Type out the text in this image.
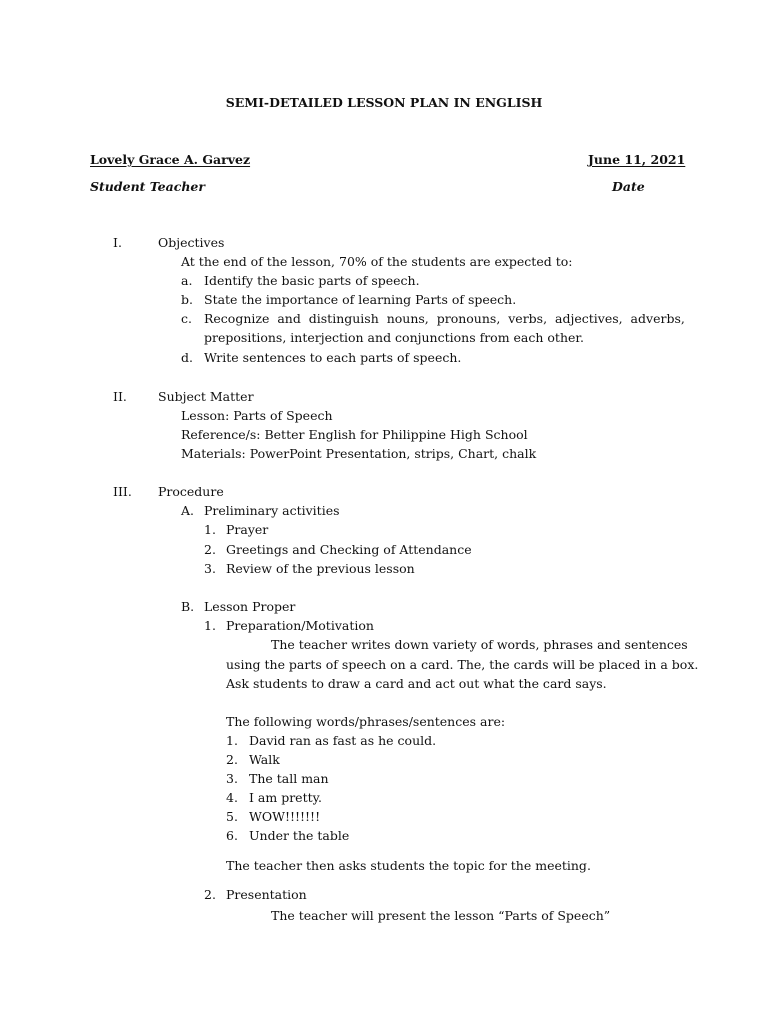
SEMI-DETAILED LESSON PLAN IN ENGLISH
Lovely Grace A. Garvez	June 11, 2021
Student Teacher	Date
I.	Objectives
At the end of the lesson, 70% of the students are expected to:
a. Identify the basic parts of speech.
b. State the importance of learning Parts of speech.
c. Recognize  and  distinguish  nouns,  pronouns,  verbs,  adjectives,  adverbs,
prepositions, interjection and conjunctions from each other.
d. Write sentences to each parts of speech.
II. Subject Matter
Lesson: Parts of Speech
Reference/s: Better English for Philippine High School
Materials: PowerPoint Presentation, strips, Chart, chalk
III. Procedure
A. Preliminary activities
1. Prayer
2. Greetings and Checking of Attendance
3. Review of the previous lesson
B. Lesson Proper
1. Preparation/Motivation
The teacher writes down variety of words, phrases and sentences
using the parts of speech on a card. The, the cards will be placed in a box.
Ask students to draw a card and act out what the card says.
The following words/phrases/sentences are:
1. David ran as fast as he could.
2. Walk
3. The tall man
4. I am pretty.
5. WOW!!!!!!!
6. Under the table
The teacher then asks students the topic for the meeting.
2. Presentation
The teacher will present the lesson “Parts of Speech”
